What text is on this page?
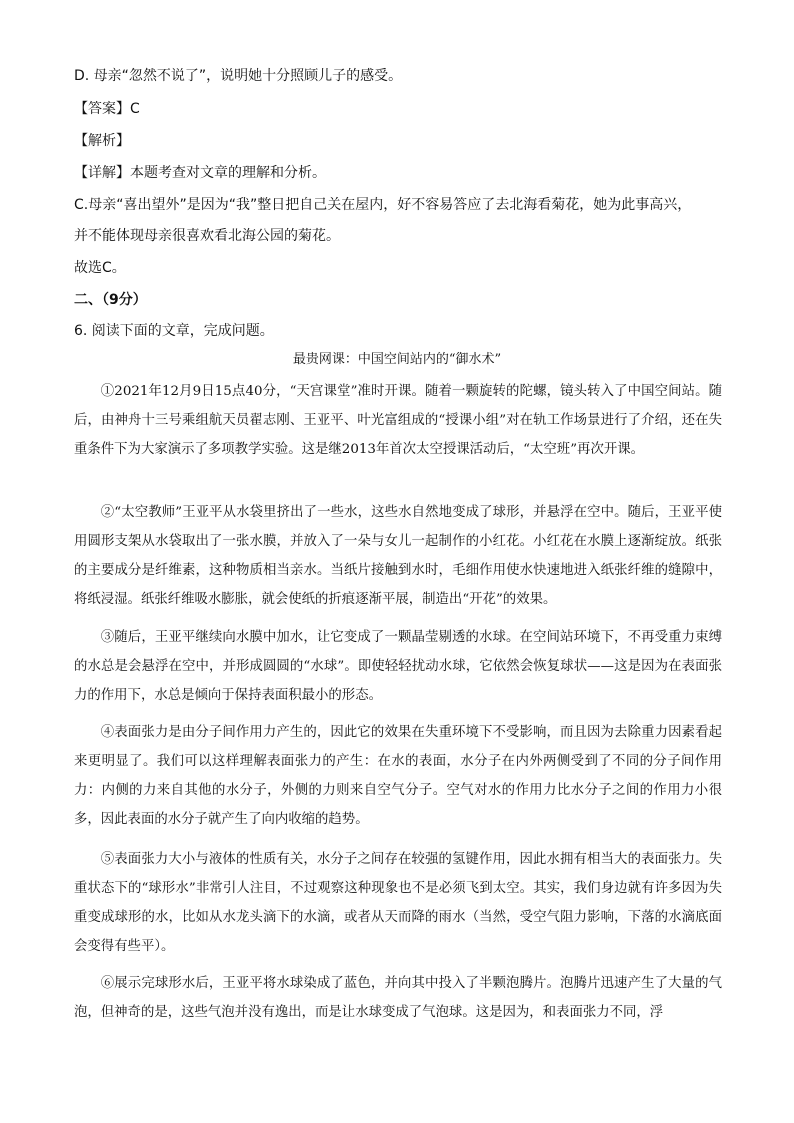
D. 母亲“忽然不说了”，说明她十分照顾儿子的感受。
【答案】C
【解析】
【详解】本题考查对文章的理解和分析。
C.母亲“喜出望外”是因为“我”整日把自己关在屋内，好不容易答应了去北海看菊花，她为此事高兴，
并不能体现母亲很喜欢看北海公园的菊花。
故选C。
二、（9分）
6. 阅读下面的文章，完成问题。
最贵网课：中国空间站内的“御水术”
①2021年12月9日15点40分，“天宫课堂”准时开课。随着一颗旋转的陀螺，镜头转入了中国空间站。随后，由神舟十三号乘组航天员翟志刚、王亚平、叶光富组成的“授课小组”对在轨工作场景进行了介绍，还在失重条件下为大家演示了多项教学实验。这是继2013年首次太空授课活动后，“太空班”再次开课。
②“太空教师”王亚平从水袋里挤出了一些水，这些水自然地变成了球形，并悬浮在空中。随后，王亚平使用圆形支架从水袋取出了一张水膜，并放入了一朵与女儿一起制作的小红花。小红花在水膜上逐渐绽放。纸张的主要成分是纤维素，这种物质相当亲水。当纸片接触到水时，毛细作用使水快速地进入纸张纤维的缝隙中，将纸浸湿。纸张纤维吸水膨胀，就会使纸的折痕逐渐平展，制造出“开花”的效果。
③随后，王亚平继续向水膜中加水，让它变成了一颗晶莹剔透的水球。在空间站环境下，不再受重力束缚的水总是会悬浮在空中，并形成圆圆的“水球”。即使轻轻扰动水球，它依然会恢复球状——这是因为在表面张力的作用下，水总是倾向于保持表面积最小的形态。
④表面张力是由分子间作用力产生的，因此它的效果在失重环境下不受影响，而且因为去除重力因素看起来更明显了。我们可以这样理解表面张力的产生：在水的表面，水分子在内外两侧受到了不同的分子间作用力：内侧的力来自其他的水分子，外侧的力则来自空气分子。空气对水的作用力比水分子之间的作用力小很多，因此表面的水分子就产生了向内收缩的趋势。
⑤表面张力大小与液体的性质有关，水分子之间存在较强的氢键作用，因此水拥有相当大的表面张力。失重状态下的“球形水”非常引人注目，不过观察这种现象也不是必须飞到太空。其实，我们身边就有许多因为失重变成球形的水，比如从水龙头滴下的水滴，或者从天而降的雨水（当然，受空气阻力影响，下落的水滴底面会变得有些平）。
⑥展示完球形水后，王亚平将水球染成了蓝色，并向其中投入了半颗泡腾片。泡腾片迅速产生了大量的气泡，但神奇的是，这些气泡并没有逸出，而是让水球变成了气泡球。这是因为，和表面张力不同，浮
